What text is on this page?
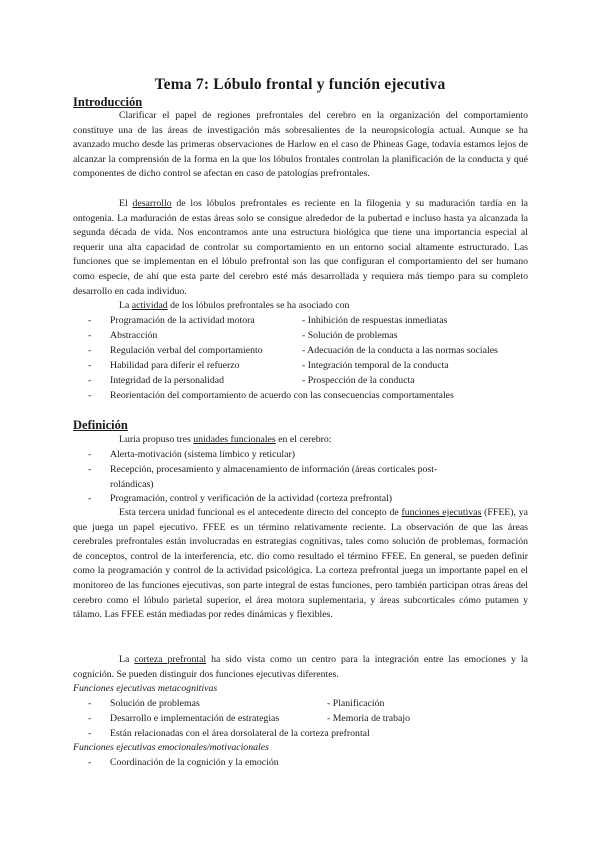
Tema 7: Lóbulo frontal y función ejecutiva
Introducción
Clarificar el papel de regiones prefrontales del cerebro en la organización del comportamiento constituye una de las áreas de investigación más sobresalientes de la neuropsicología actual. Aunque se ha avanzado mucho desde las primeras observaciones de Harlow en el caso de Phineas Gage, todavía estamos lejos de alcanzar la comprensión de la forma en la que los lóbulos frontales controlan la planificación de la conducta y qué componentes de dicho control se afectan en caso de patologías prefrontales.
El desarrollo de los lóbulos prefrontales es reciente en la filogenia y su maduración tardía en la ontogenia. La maduración de estas áreas solo se consigue alrededor de la pubertad e incluso hasta ya alcanzada la segunda década de vida. Nos encontramos ante una estructura biológica que tiene una importancia especial al requerir una alta capacidad de controlar su comportamiento en un entorno social altamente estructurado. Las funciones que se implementan en el lóbulo prefrontal son las que configuran el comportamiento del ser humano como especie, de ahí que esta parte del cerebro esté más desarrollada y requiera más tiempo para su completo desarrollo en cada individuo.
La actividad de los lóbulos prefrontales se ha asociado con
- Programación de la actividad motora	- Inhibición de respuestas inmediatas
- Abstracción	- Solución de problemas
- Regulación verbal del comportamiento	- Adecuación de la conducta a las normas sociales
- Habilidad para diferir el refuerzo	- Integración temporal de la conducta
- Integridad de la personalidad	- Prospección de la conducta
- Reorientación del comportamiento de acuerdo con las consecuencias comportamentales
Definición
Luria propuso tres unidades funcionales en el cerebro:
- Alerta-motivación (sistema límbico y reticular)
- Recepción, procesamiento y almacenamiento de información (áreas corticales post-rolándicas)
- Programación, control y verificación de la actividad (corteza prefrontal)
Esta tercera unidad funcional es el antecedente directo del concepto de funciones ejecutivas (FFEE), ya que juega un papel ejecutivo. FFEE es un término relativamente reciente. La observación de que las áreas cerebrales prefrontales están involucradas en estrategias cognitivas, tales como solución de problemas, formación de conceptos, control de la interferencia, etc. dio como resultado el término FFEE. En general, se pueden definir como la programación y control de la actividad psicológica. La corteza prefrontal juega un importante papel en el monitoreo de las funciones ejecutivas, son parte integral de estas funciones, pero también participan otras áreas del cerebro como el lóbulo parietal superior, el área motora suplementaria, y áreas subcorticales cómo putamen y tálamo. Las FFEE están mediadas por redes dinámicas y flexibles.
La corteza prefrontal ha sido vista como un centro para la integración entre las emociones y la cognición. Se pueden distinguir dos funciones ejecutivas diferentes.
Funciones ejecutivas metacognitivas
- Solución de problemas	- Planificación
- Desarrollo e implementación de estrategias	- Memoria de trabajo
- Están relacionadas con el área dorsolateral de la corteza prefrontal
Funciones ejecutivas emocionales/motivacionales
- Coordinación de la cognición y la emoción
